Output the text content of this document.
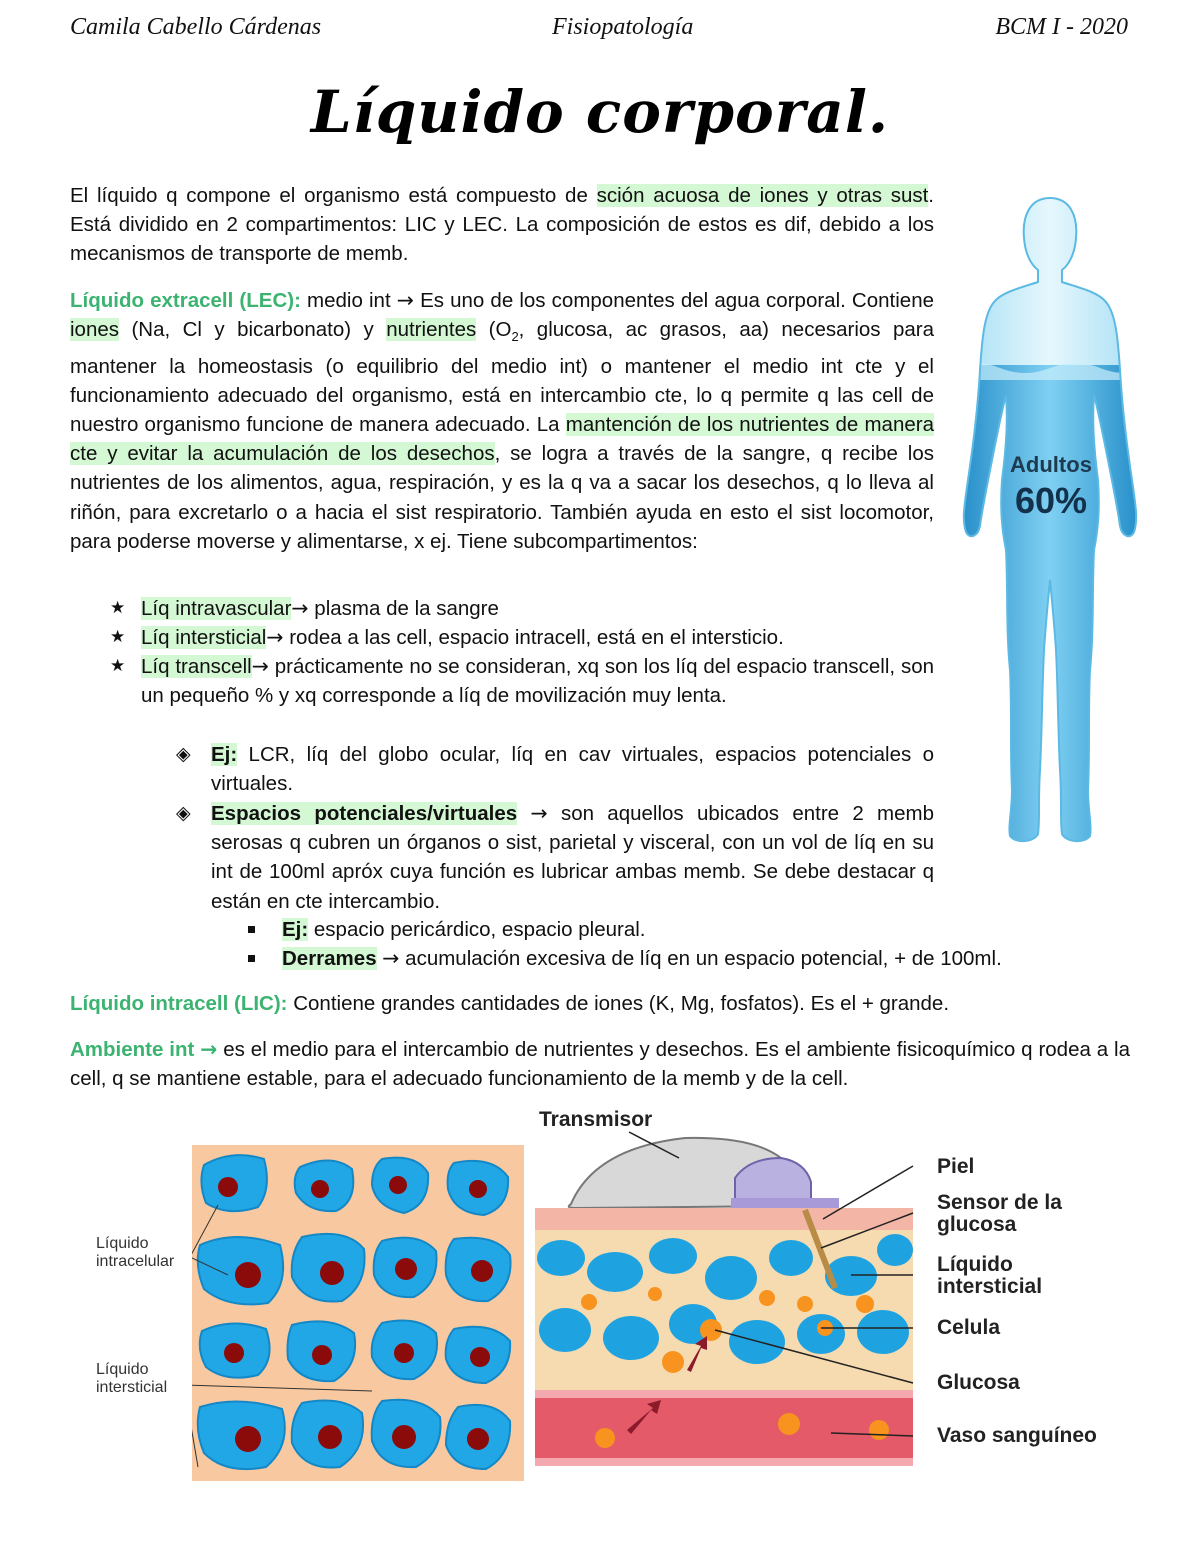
Camila Cabello Cárdenas	Fisiopatología	BCM I - 2020
Líquido corporal.
El líquido q compone el organismo está compuesto de sción acuosa de iones y otras sust. Está dividido en 2 compartimentos: LIC y LEC. La composición de estos es dif, debido a los mecanismos de transporte de memb.
Líquido extracell (LEC): medio int → Es uno de los componentes del agua corporal. Contiene iones (Na, Cl y bicarbonato) y nutrientes ($O_2$, glucosa, ac grasos, aa) necesarios para mantener la homeostasis (o equilibrio del medio int) o mantener el medio int cte y el funcionamiento adecuado del organismo, está en intercambio cte, lo q permite q las cell de nuestro organismo funcione de manera adecuado. La mantención de los nutrientes de manera cte y evitar la acumulación de los desechos, se logra a través de la sangre, q recibe los nutrientes de los alimentos, agua, respiración, y es la q va a sacar los desechos, q lo lleva al riñón, para excretarlo o a hacia el sist respiratorio. También ayuda en esto el sist locomotor, para poderse moverse y alimentarse, x ej. Tiene subcompartimentos:
★ Líq intravascular→ plasma de la sangre
★ Líq intersticial→ rodea a las cell, espacio intracell, está en el intersticio.
★ Líq transcell→ prácticamente no se consideran, xq son los líq del espacio transcell, son un pequeño % y xq corresponde a líq de movilización muy lenta.
◈ Ej: LCR, líq del globo ocular, líq en cav virtuales, espacios potenciales o virtuales.
◈ Espacios potenciales/virtuales → son aquellos ubicados entre 2 memb serosas q cubren un órganos o sist, parietal y visceral, con un vol de líq en su int de 100ml apróx cuya función es lubricar ambas memb. Se debe destacar q están en cte intercambio.
Ej: espacio pericárdico, espacio pleural.
Derrames → acumulación excesiva de líq en un espacio potencial, + de 100ml.
Líquido intracell (LIC): Contiene grandes cantidades de iones (K, Mg, fosfatos). Es el + grande.
Ambiente int → es el medio para el intercambio de nutrientes y desechos. Es el ambiente fisicoquímico q rodea a la cell, q se mantiene estable, para el adecuado funcionamiento de la memb y de la cell.
Adultos
60%
Líquido
intracelular
Líquido
intersticial
Transmisor
Piel
Sensor de la
glucosa
Líquido
intersticial
Celula
Glucosa
Vaso sanguíneo
